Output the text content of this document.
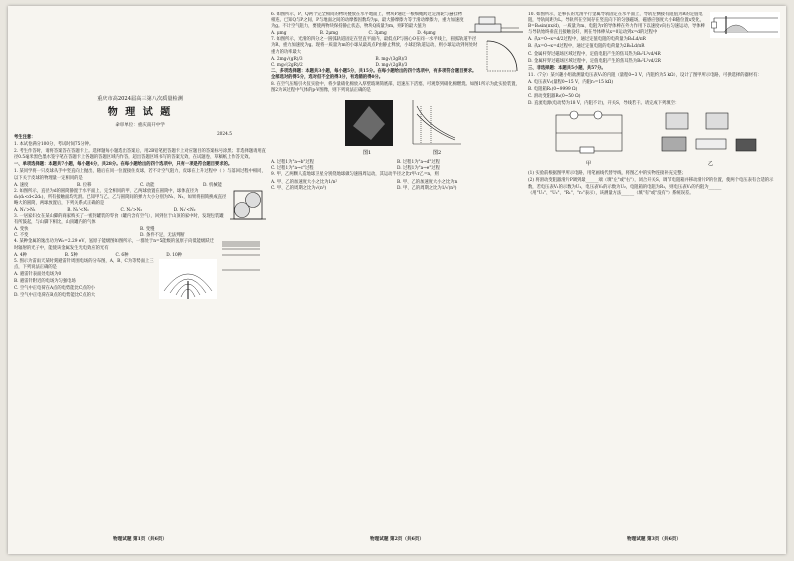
重庆市高2024届高三第八次质量检测
物 理 试 题
2024.5
命审单位：重庆南开中学
考生注意：
1. 本试卷满分100分，考试时间75分钟。
2. 考生作答时，请将答案答在答题卡上。选择题每小题选出答案后，用2B铅笔把答题卡上对应题目的答案标号涂黑；非选择题请用直径0.5毫米黑色墨水签字笔在答题卡上各题的答题区域内作答，超出答题区域书写的答案无效，在试题卷、草稿纸上作答无效。
一、单项选择题：本题共7小题，每小题4分，共28分。在每小题给出的四个选项中，只有一项是符合题目要求的。
1. 某同学将一只皮球从手中竖直向上抛出，随后在同一位置接住皮球，若不计空气阻力，皮球在上升过程中（ ）与落回过程中相同，以下关于皮球的物理量一定相同的是
A. 速度	B. 位移	C. 动能	D. 机械能
2. 如图所示，直径为d的圆筒静置于水平面上，完全相同的甲、乙两球放置在圆筒中，球体直径为d₁(d₁<d<2d₁)，所有接触面均光滑。已知甲与乙、乙与圆筒间的弹力大小分别为N₁、N₂，如果将圆筒换成直径略大的圆筒，两球放置后，下列关系式正确的是
A. N₁'>N₁	B. N₁'<N₁	C. N₂'>N₂	D. N₂'<N₂
3. 一居家妇女在某山脚的商家购买了一密封罐装的零食（罐内含有空气），回到位于山顶的家中时，发现包装罐有所鼓起，与山脚下相比，山顶罐内的气体
A. 变快	B. 变慢
C. 不变	D. 条件不足，无法判断
4. 某种金属的逸出功为W₀=2.29 eV，氢原子能级图如图所示，一群处于n=5能级的氢原子向低能级跃迁时辐射的光子中，能使该金属发生光电效应的光有
A. 4种	B. 5种	C. 6种	D. 10种
5. 图示为雷雨天某时刻避雷针周围电场的分布图，A、B、C为等势面上三点，下列说法正确的是
A. 避雷针表面处电场为0
B. 避雷针附近的电场为匀强电场
C. 空气中正电荷在A点的电势能比C点的小
D. 空气中正电荷在B点的电势能比C点的大
物理试题 第1页（共6页）
6. 如图所示，P、Q两个完全相同的物块叠放在水平地面上，物块P通过一根细绳跨过定滑轮与悬挂物相连。已知Q与P之间、P与地面之间的动摩擦因数均为μ，最大静摩擦力等于滑动摩擦力，重力加速度为g。不计空气阻力，要使两物块保持静止状态，物块Q质量为m，则F的最大值为
A. μmg	B. 2μmg	C. 3μmg	D. 4μmg
7. 如图所示，光滑的四分之一圆弧轨道固定在竖直平面内，最低点P与圆心O在同一水平线上，圆弧轨道半径为R，重力加速度为g。现将一质量为m的小球从最高点P由静止释放，小球沿轨道运动，则小球运动到何处时重力的功率最大
A. 2mg√(gR)/3	B. mg√(3gR)/3
C. mg√(2gR)/2	D. mg√(2gR)/3
二、多项选择题：本题共3小题，每小题5分，共15分。在每小题给出的四个选项中，有多项符合题目要求。全部选对的得5分，选对但不全的得3分，有选错的得0分。
8. 在空气压缩引火仪实验中，将少量硝化棉放入厚壁玻璃筒底部，迅速压下活塞，可观察到硝化棉燃烧。如图1所示为此实验装置，图2为该过程中气体的p-V图像，则下列说法正确的是
图1	图2
A. 过程1为"a→b"过程	B. 过程1为"a→d"过程
C. 过程1为"a→c"过程	D. 过程1为"a→e"过程
9. 甲、乙两颗人造地球卫星分别绕地球做匀速圆周运动，其运动半径之比r甲:r乙=n，则
A. 甲、乙的加速度大小之比为1/n²	B. 甲、乙的加速度大小之比为n
C. 甲、乙的周期之比为√(n³)	D. 甲、乙的周期之比为1/√(n³)
物理试题 第2页（共6页）
10. 如图所示，足够长的光滑平行金属导轨固定在水平面上，导轨左侧接有阻值为R的定值电阻，导轨间距为L。导轨所在空间存在竖直向下的匀强磁场，磁感应强度大小B随位置x变化，B=B₀sin(πx/d)，一质量为m、电阻为r的导体棒在外力作用下以速度v向右匀速运动，导体棒与导轨始终垂直且接触良好，则在导体棒从x=0运动到x=d的过程中
A. 从x=0→x=d/2过程中，通过定值电阻的电荷量为B₀Ld/πR
B. 从x=0→x=d过程中，通过定值电阻的电荷量为2B₀Ld/πR
C. 金属杆穿过磁场区域过程中，定值电阻产生的焦耳热为B₀²L²vd/4R
D. 金属杆穿过磁场区域过程中，定值电阻产生的焦耳热为B₀²L²vd/2R
三、非选择题：本题共5小题，共57分。
11.（7分）某兴趣小组欲测量电压表V₁的内阻（量程0~3 V，内阻约为5 kΩ），设计了图甲所示电路，可供选择的器材有：
A. 电压表V₂(量程0~15 V，内阻r₂=15 kΩ)
B. 电阻箱R₁(0~9999 Ω)
C. 滑动变阻器R₂(0~50 Ω)
D. 直流电源(电动势为18 V，内阻不计)，开关S，导线若干。请完成下列填空：
甲	乙
(1) 实验前根据图甲所示电路，用笔画线代替导线，将图乙中的实物连接补充完整；
(2) 将滑动变阻器滑片P调到最______端（填"左"或"右"），闭合开关S，调节电阻箱并移动滑片P的位置，使两个电压表有合适的示数，若电压表V₁的示数为U₁，电压表V₂的示数为U₂，电阻箱的电阻为R₁，则电压表V₁的内阻为______（用"U₁"、"U₂"、"R₁"、"r₂"表示），该测量方法______（填"有"或"没有"）系统误差。
物理试题 第3页（共6页）
